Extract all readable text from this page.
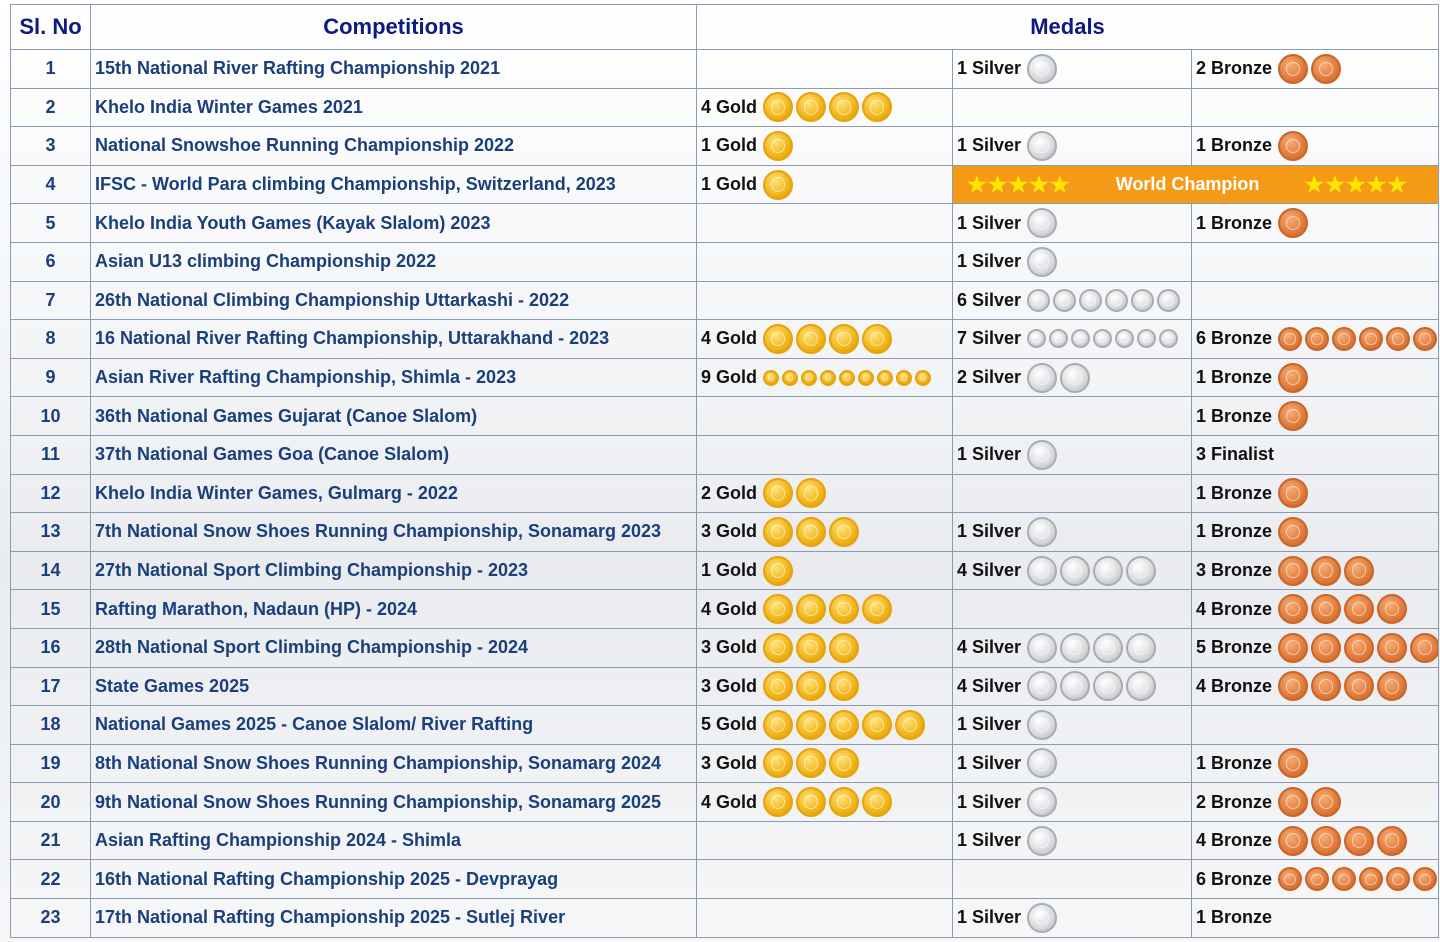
Sl. No	Competitions	Medals		
1	15th National River Rafting Championship 2021		1 Silver	2 Bronze

2	Khelo India Winter Games 2021	4 Gold		

3	National Snowshoe Running Championship 2022	1 Gold	1 Silver	1 Bronze

4	IFSC - World Para climbing Championship, Switzerland, 2023	1 Gold	★★★★★ World Champion ★★★★★	

5	Khelo India Youth Games (Kayak Slalom) 2023		1 Silver	1 Bronze

6	Asian U13 climbing Championship 2022		1 Silver	

7	26th National Climbing Championship Uttarkashi - 2022		6 Silver	

8	16 National River Rafting Championship, Uttarakhand - 2023	4 Gold	7 Silver	6 Bronze

9	Asian River Rafting Championship, Shimla - 2023	9 Gold	2 Silver	1 Bronze

10	36th National Games Gujarat (Canoe Slalom)			1 Bronze

11	37th National Games Goa (Canoe Slalom)		1 Silver	3 Finalist

12	Khelo India Winter Games, Gulmarg - 2022	2 Gold		1 Bronze

13	7th National Snow Shoes Running Championship, Sonamarg 2023	3 Gold	1 Silver	1 Bronze

14	27th National Sport Climbing Championship - 2023	1 Gold	4 Silver	3 Bronze

15	Rafting Marathon, Nadaun (HP) - 2024	4 Gold		4 Bronze

16	28th National Sport Climbing Championship - 2024	3 Gold	4 Silver	5 Bronze

17	State Games 2025	3 Gold	4 Silver	4 Bronze

18	National Games 2025 - Canoe Slalom/ River Rafting	5 Gold	1 Silver	

19	8th National Snow Shoes Running Championship, Sonamarg 2024	3 Gold	1 Silver	1 Bronze

20	9th National Snow Shoes Running Championship, Sonamarg 2025	4 Gold	1 Silver	2 Bronze

21	Asian Rafting Championship 2024 - Shimla		1 Silver	4 Bronze

22	16th National Rafting Championship 2025 - Devprayag			6 Bronze

23	17th National Rafting Championship 2025 - Sutlej River		1 Silver	1 Bronze
